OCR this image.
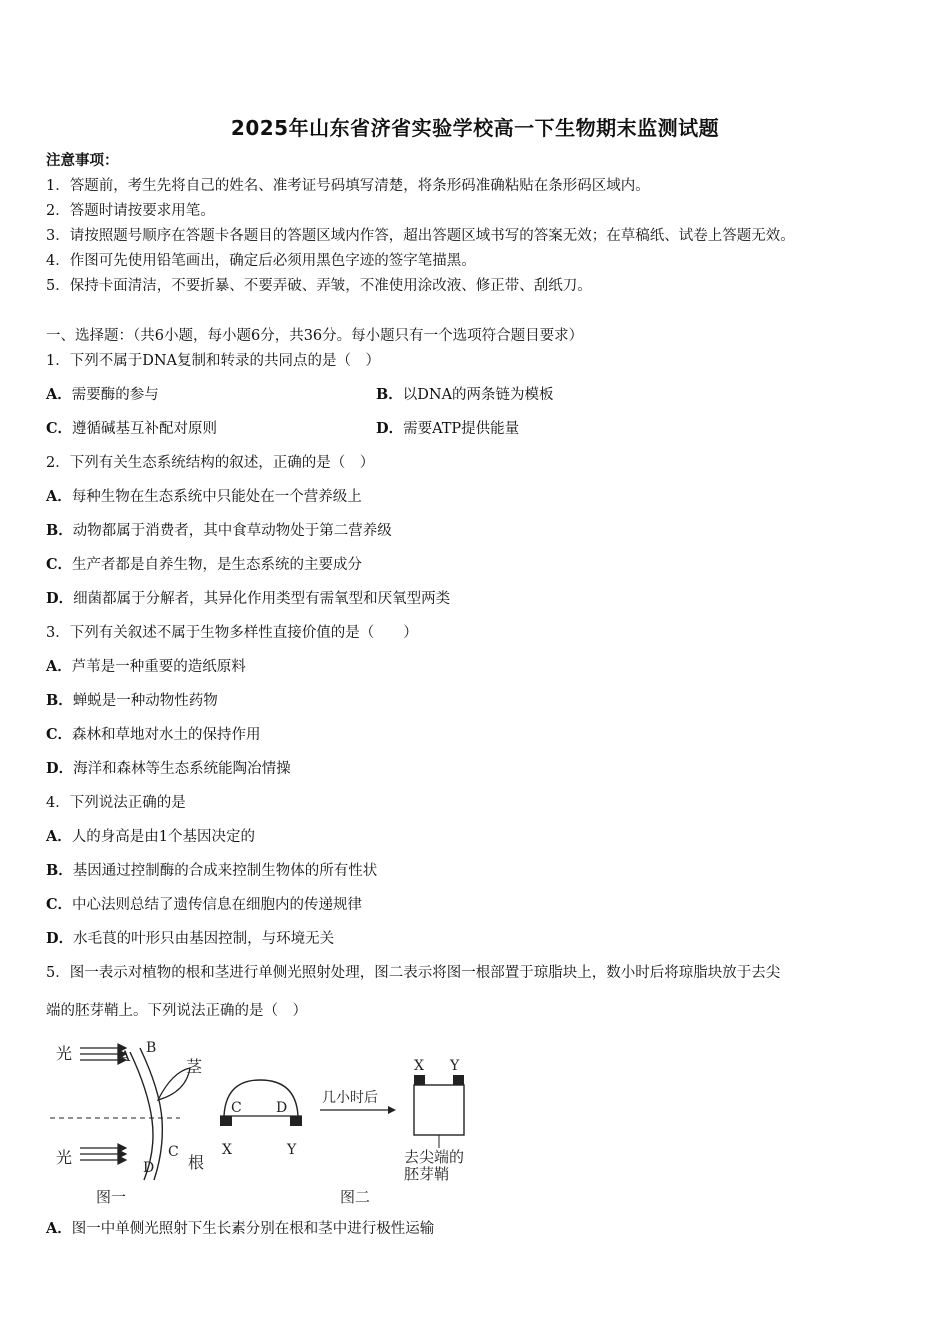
2025年山东省济省实验学校高一下生物期末监测试题
注意事项：
1．答题前，考生先将自己的姓名、准考证号码填写清楚，将条形码准确粘贴在条形码区域内。
2．答题时请按要求用笔。
3．请按照题号顺序在答题卡各题目的答题区域内作答，超出答题区域书写的答案无效；在草稿纸、试卷上答题无效。
4．作图可先使用铅笔画出，确定后必须用黑色字迹的签字笔描黑。
5．保持卡面清洁，不要折暴、不要弄破、弄皱，不准使用涂改液、修正带、刮纸刀。
一、选择题：（共6小题，每小题6分，共36分。每小题只有一个选项符合题目要求）
1．下列不属于DNA复制和转录的共同点的是（　）
A．需要酶的参与	B．以DNA的两条链为模板
C．遵循碱基互补配对原则	D．需要ATP提供能量
2．下列有关生态系统结构的叙述，正确的是（　）
A．每种生物在生态系统中只能处在一个营养级上
B．动物都属于消费者，其中食草动物处于第二营养级
C．生产者都是自养生物，是生态系统的主要成分
D．细菌都属于分解者，其异化作用类型有需氧型和厌氧型两类
3．下列有关叙述不属于生物多样性直接价值的是（　　）
A．芦苇是一种重要的造纸原料
B．蝉蜕是一种动物性药物
C．森林和草地对水土的保持作用
D．海洋和森林等生态系统能陶冶情操
4．下列说法正确的是
A．人的身高是由1个基因决定的
B．基因通过控制酶的合成来控制生物体的所有性状
C．中心法则总结了遗传信息在细胞内的传递规律
D．水毛茛的叶形只由基因控制，与环境无关
5．图一表示对植物的根和茎进行单侧光照射处理，图二表示将图一根部置于琼脂块上，数小时后将琼脂块放于去尖
端的胚芽鞘上。下列说法正确的是（　）
光	A
B
茎
光	C
根
D
图一
C D
X	Y
几小时后
X Y
去尖端的
胚芽鞘
图二
A．图一中单侧光照射下生长素分别在根和茎中进行极性运输
